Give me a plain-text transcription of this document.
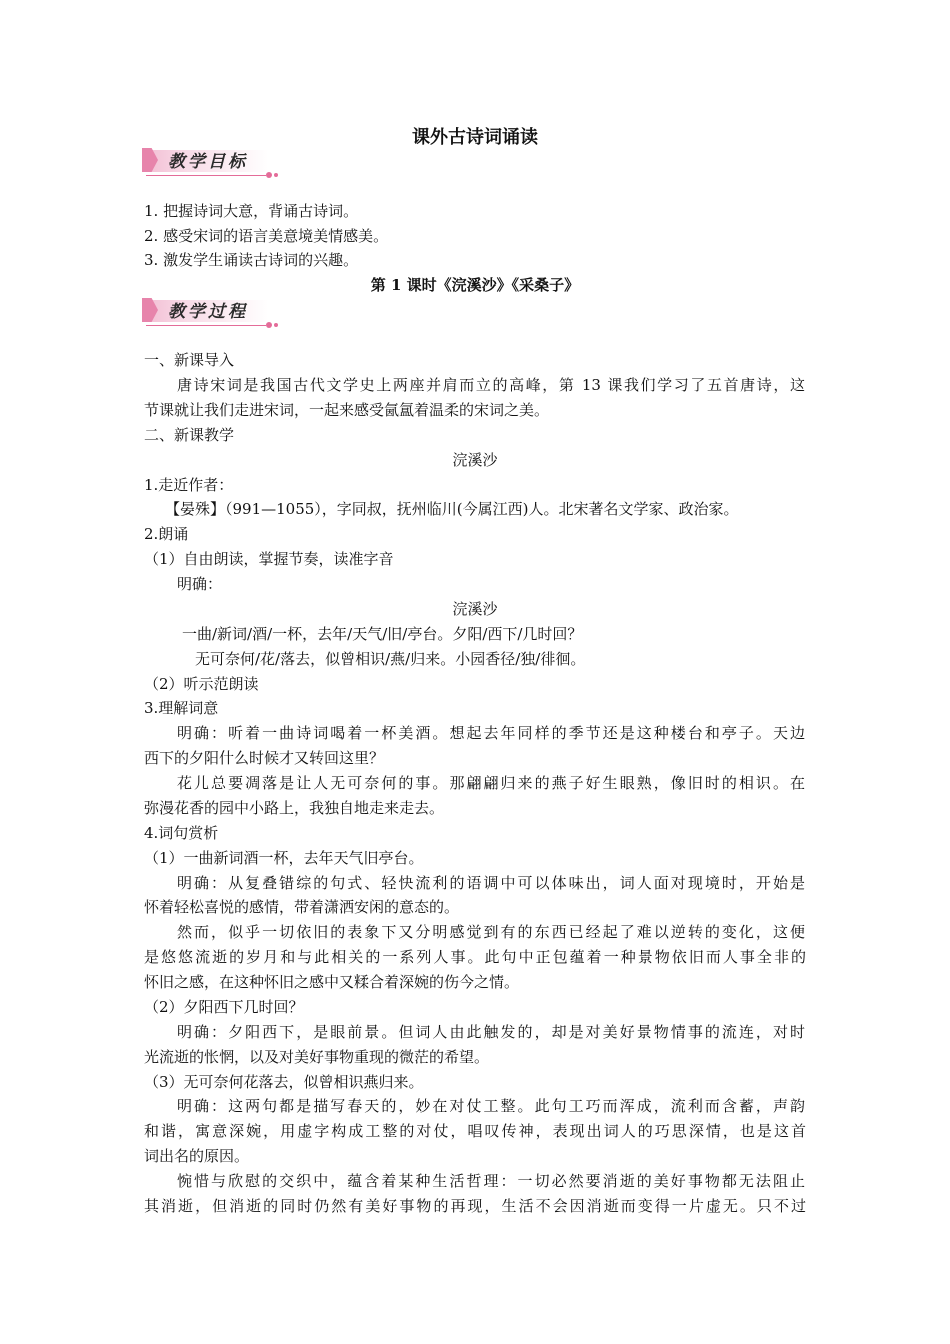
课外古诗词诵读
教学目标
1. 把握诗词大意，背诵古诗词。
2. 感受宋词的语言美意境美情感美。
3. 激发学生诵读古诗词的兴趣。
第 1 课时《浣溪沙》《采桑子》
教学过程
一、新课导入
唐诗宋词是我国古代文学史上两座并肩而立的高峰，第 13 课我们学习了五首唐诗，这
节课就让我们走进宋词，一起来感受氤氲着温柔的宋词之美。
二、新课教学
浣溪沙
1.走近作者：
【晏殊】（991—1055），字同叔，抚州临川(今属江西)人。北宋著名文学家、政治家。
2.朗诵
（1）自由朗读，掌握节奏，读准字音
明确：
浣溪沙
一曲/新词/酒/一杯，去年/天气/旧/亭台。夕阳/西下/几时回？
无可奈何/花/落去，似曾相识/燕/归来。小园香径/独/徘徊。
（2）听示范朗读
3.理解词意
明确：听着一曲诗词喝着一杯美酒。想起去年同样的季节还是这种楼台和亭子。天边
西下的夕阳什么时候才又转回这里？
花儿总要凋落是让人无可奈何的事。那翩翩归来的燕子好生眼熟，像旧时的相识。在
弥漫花香的园中小路上，我独自地走来走去。
4.词句赏析
（1）一曲新词酒一杯，去年天气旧亭台。
明确：从复叠错综的句式、轻快流利的语调中可以体味出，词人面对现境时，开始是
怀着轻松喜悦的感情，带着潇洒安闲的意态的。
然而，似乎一切依旧的表象下又分明感觉到有的东西已经起了难以逆转的变化，这便
是悠悠流逝的岁月和与此相关的一系列人事。此句中正包蕴着一种景物依旧而人事全非的
怀旧之感，在这种怀旧之感中又糅合着深婉的伤今之情。
（2）夕阳西下几时回？
明确：夕阳西下，是眼前景。但词人由此触发的，却是对美好景物情事的流连，对时
光流逝的怅惘，以及对美好事物重现的微茫的希望。
（3）无可奈何花落去，似曾相识燕归来。
明确：这两句都是描写春天的，妙在对仗工整。此句工巧而浑成，流利而含蓄，声韵
和谐，寓意深婉，用虚字构成工整的对仗，唱叹传神，表现出词人的巧思深情，也是这首
词出名的原因。
惋惜与欣慰的交织中，蕴含着某种生活哲理：一切必然要消逝的美好事物都无法阻止
其消逝，但消逝的同时仍然有美好事物的再现，生活不会因消逝而变得一片虚无。只不过
